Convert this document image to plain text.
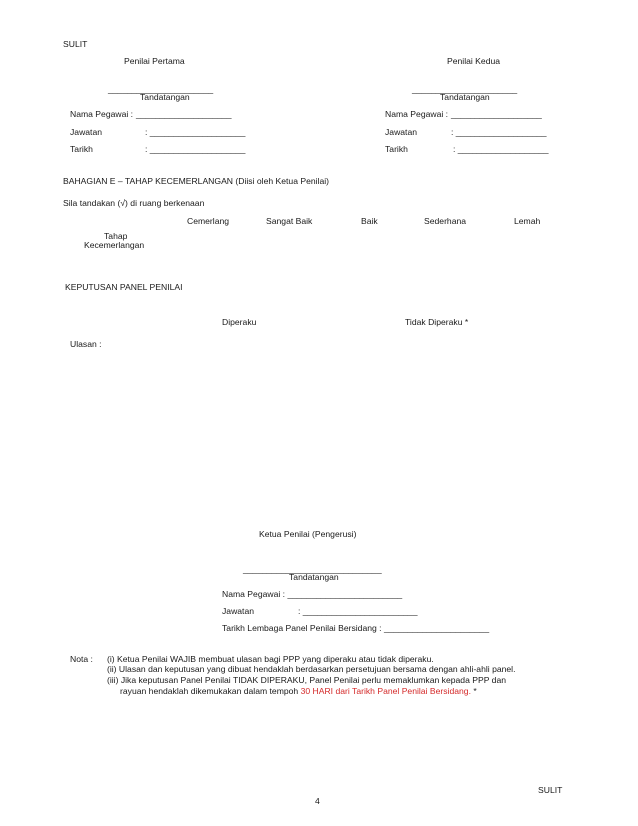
SULIT
Penilai Pertama
______________________
Tandatangan
Nama Pegawai : ____________________
Jawatan	: ____________________
Tarikh	: ____________________
Penilai Kedua
______________________
Tandatangan
Nama Pegawai : ___________________
Jawatan	: ___________________
Tarikh	: ___________________
BAHAGIAN E – TAHAP KECEMERLANGAN (Diisi oleh Ketua Penilai)
Sila tandakan (√) di ruang berkenaan
Cemerlang	Sangat Baik	Baik	Sederhana	Lemah
Tahap
Kecemerlangan
KEPUTUSAN PANEL PENILAI
Diperaku	Tidak Diperaku *
Ulasan :
Ketua Penilai (Pengerusi)
_____________________________
Tandatangan
Nama Pegawai : ________________________
Jawatan	: ________________________
Tarikh Lembaga Panel Penilai Bersidang : ______________________
Nota : (i) Ketua Penilai WAJIB membuat ulasan bagi PPP yang diperaku atau tidak diperaku.
(ii) Ulasan dan keputusan yang dibuat hendaklah berdasarkan persetujuan bersama dengan ahli-ahli panel.
(iii) Jika keputusan Panel Penilai TIDAK DIPERAKU, Panel Penilai perlu memaklumkan kepada PPP dan
rayuan hendaklah dikemukakan dalam tempoh 30 HARI dari Tarikh Panel Penilai Bersidang. *
SULIT
4
